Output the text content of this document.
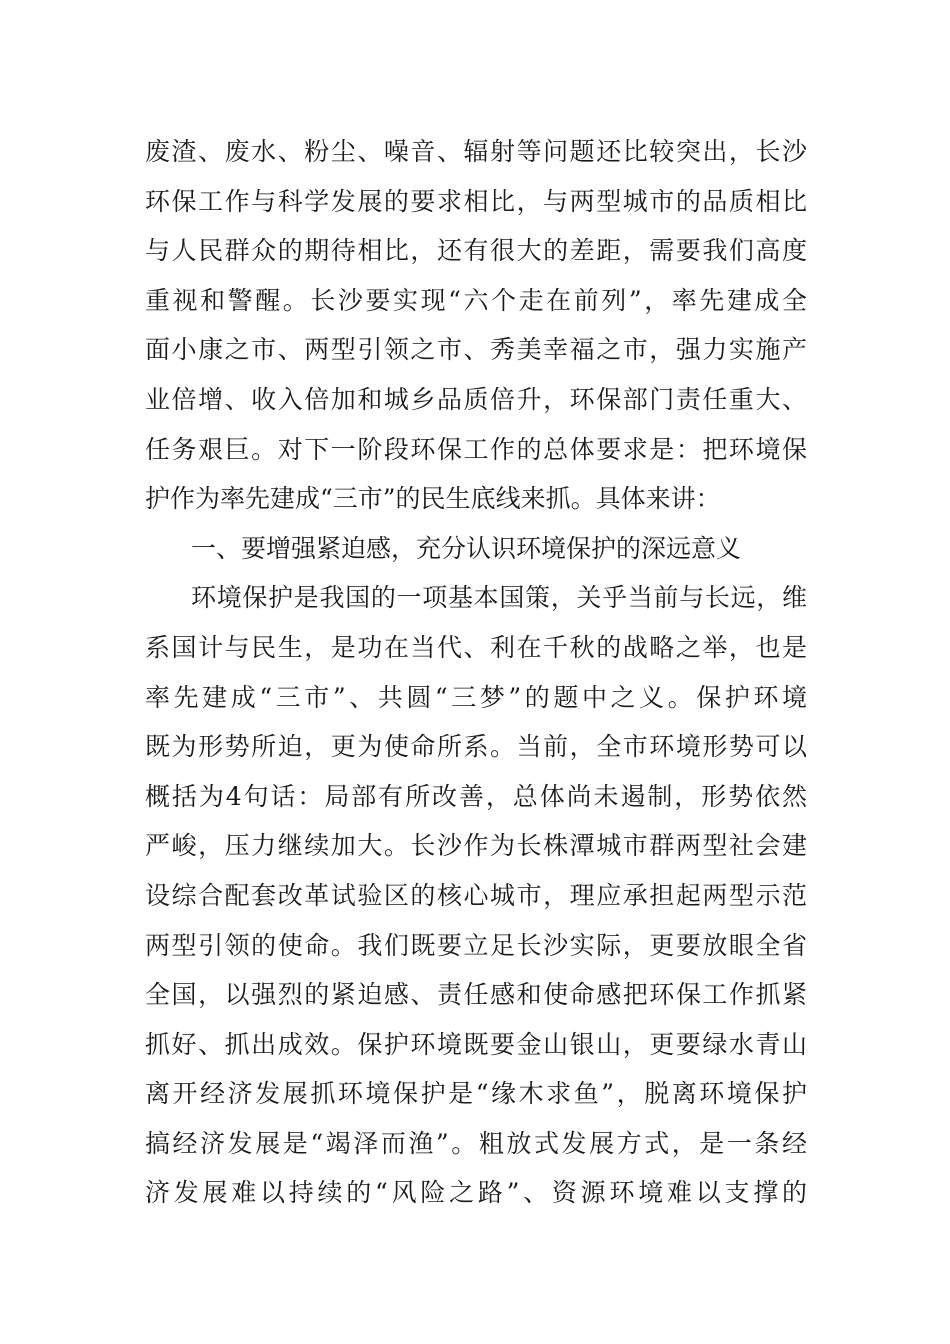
废渣、废水、粉尘、噪音、辐射等问题还比较突出，长沙
环保工作与科学发展的要求相比，与两型城市的品质相比
与人民群众的期待相比，还有很大的差距，需要我们高度
重视和警醒。长沙要实现“六个走在前列”，率先建成全
面小康之市、两型引领之市、秀美幸福之市，强力实施产
业倍增、收入倍加和城乡品质倍升，环保部门责任重大、
任务艰巨。对下一阶段环保工作的总体要求是：把环境保
护作为率先建成“三市”的民生底线来抓。具体来讲：
一、要增强紧迫感，充分认识环境保护的深远意义
环境保护是我国的一项基本国策，关乎当前与长远，维
系国计与民生，是功在当代、利在千秋的战略之举，也是
率先建成“三市”、共圆“三梦”的题中之义。保护环境
既为形势所迫，更为使命所系。当前，全市环境形势可以
概括为4句话：局部有所改善，总体尚未遏制，形势依然
严峻，压力继续加大。长沙作为长株潭城市群两型社会建
设综合配套改革试验区的核心城市，理应承担起两型示范
两型引领的使命。我们既要立足长沙实际，更要放眼全省
全国，以强烈的紧迫感、责任感和使命感把环保工作抓紧
抓好、抓出成效。保护环境既要金山银山，更要绿水青山
离开经济发展抓环境保护是“缘木求鱼”，脱离环境保护
搞经济发展是“竭泽而渔”。粗放式发展方式，是一条经
济发展难以持续的“风险之路”、资源环境难以支撑的
